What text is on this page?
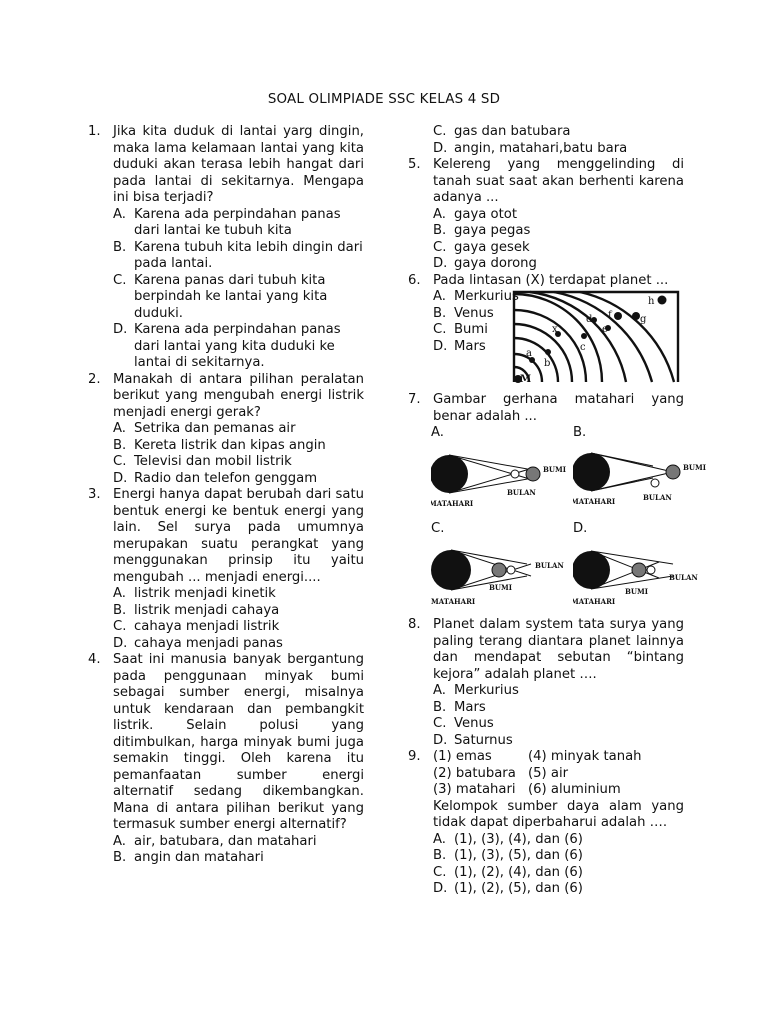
SOAL OLIMPIADE SSC KELAS 4 SD
1. Jika kita duduk di lantai yarg dingin, maka lama kelamaan lantai yang kita duduki akan terasa lebih hangat dari pada lantai di sekitarnya. Mengapa ini bisa terjadi?
A. Karena ada perpindahan panas dari lantai ke tubuh kita
B. Karena tubuh kita lebih dingin dari pada lantai.
C. Karena panas dari tubuh kita berpindah ke lantai yang kita duduki.
D. Karena ada perpindahan panas dari lantai yang kita duduki ke lantai di sekitarnya.
2. Manakah di antara pilihan peralatan berikut yang mengubah energi listrik menjadi energi gerak?
A. Setrika dan pemanas air
B. Kereta listrik dan kipas angin
C. Televisi dan mobil listrik
D. Radio dan telefon genggam
3. Energi hanya dapat berubah dari satu bentuk energi ke bentuk energi yang lain. Sel surya pada umumnya merupakan suatu perangkat yang menggunakan prinsip itu yaitu mengubah ... menjadi energi....
A. listrik menjadi kinetik
B. listrik menjadi cahaya
C. cahaya menjadi listrik
D. cahaya menjadi panas
4. Saat ini manusia banyak bergantung pada penggunaan minyak bumi sebagai sumber energi, misalnya untuk kendaraan dan pembangkit listrik. Selain polusi yang ditimbulkan, harga minyak bumi juga semakin tinggi. Oleh karena itu pemanfaatan sumber energi alternatif sedang dikembangkan. Mana di antara pilihan berikut yang termasuk sumber energi alternatif?
A. air, batubara, dan matahari
B. angin dan matahari
C. gas dan batubara
D. angin, matahari,batu bara
5. Kelereng yang menggelinding di tanah suat saat akan berhenti karena adanya ...
A. gaya otot
B. gaya pegas
C. gaya gesek
D. gaya dorong
6. Pada lintasan (X) terdapat planet ...
A. Merkurius
B. Venus
C. Bumi
D. Mars
M
a
b
x
c
d
e
f	g
h
7. Gambar gerhana matahari yang benar adalah ...
A.
MATAHARI
BULAN
BUMI
B.
MATAHARI	BULAN
BUMI
C.
MATAHARI
BULAN
BUMI
D.
MATAHARI
BULAN
BUMI
8. Planet dalam system tata surya yang paling terang diantara planet lainnya dan mendapat sebutan “bintang kejora” adalah planet ….
A. Merkurius
B. Mars
C. Venus
D. Saturnus
9. (1) emas	(4) minyak tanah
(2) batubara (5) air
(3) matahari (6) aluminium
Kelompok sumber daya alam yang tidak dapat diperbaharui adalah ….
A. (1), (3), (4), dan (6)
B. (1), (3), (5), dan (6)
C. (1), (2), (4), dan (6)
D. (1), (2), (5), dan (6)
